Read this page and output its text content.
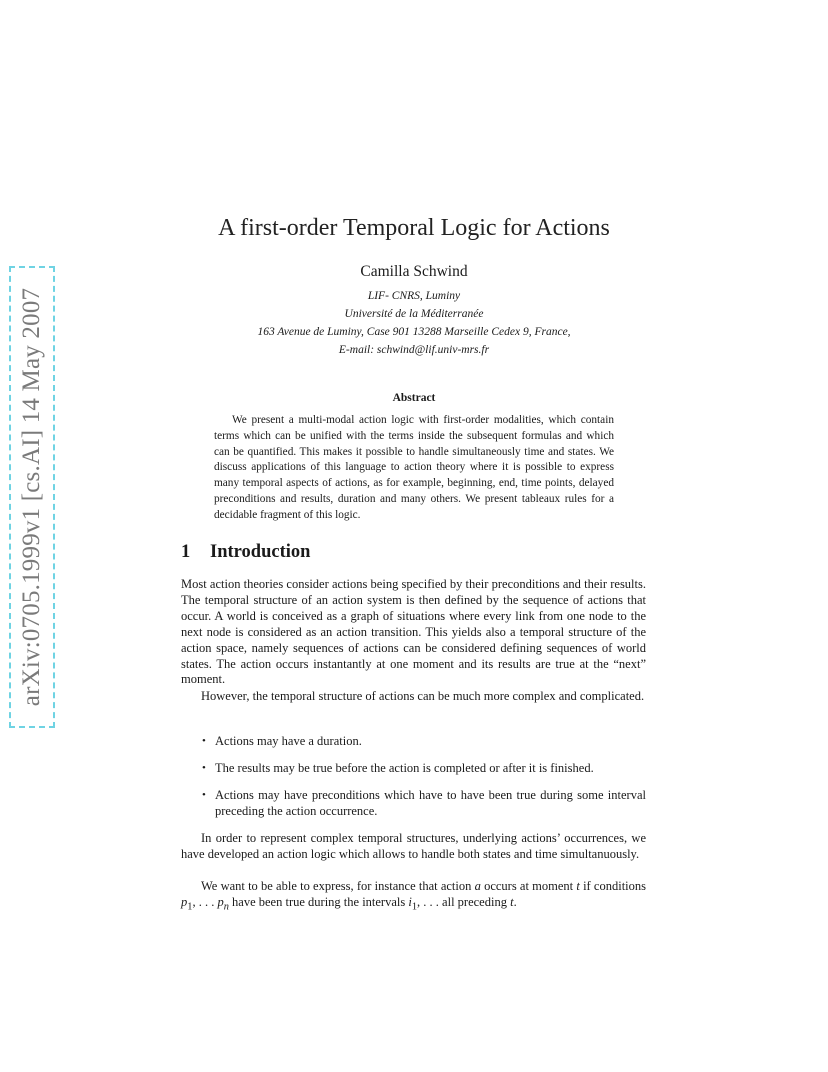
arXiv:0705.1999v1 [cs.AI] 14 May 2007
A first-order Temporal Logic for Actions
Camilla Schwind
LIF- CNRS, Luminy
Université de la Méditerranée
163 Avenue de Luminy, Case 901 13288 Marseille Cedex 9, France,
E-mail: schwind@lif.univ-mrs.fr
Abstract

We present a multi-modal action logic with first-order modalities, which contain terms which can be unified with the terms inside the subsequent formulas and which can be quantified. This makes it possible to handle simultaneously time and states. We discuss applications of this language to action theory where it is possible to express many temporal aspects of actions, as for example, beginning, end, time points, delayed preconditions and results, duration and many others. We present tableaux rules for a decidable fragment of this logic.

1 Introduction

Most action theories consider actions being specified by their preconditions and their results. The temporal structure of an action system is then defined by the sequence of actions that occur. A world is conceived as a graph of situations where every link from one node to the next node is considered as an action transition. This yields also a temporal structure of the action space, namely sequences of actions can be considered defining sequences of world states. The action occurs instantantly at one moment and its results are true at the “next” moment.

However, the temporal structure of actions can be much more complex and complicated.

• Actions may have a duration.
• The results may be true before the action is completed or after it is finished.
• Actions may have preconditions which have to have been true during some interval preceding the action occurrence.

In order to represent complex temporal structures, underlying actions’ occurrences, we have developed an action logic which allows to handle both states and time simultanuously.

We want to be able to express, for instance that action a occurs at moment t if conditions $p_1$, . . . $p_n$ have been true during the intervals $i_1$, . . . all preceding t.
